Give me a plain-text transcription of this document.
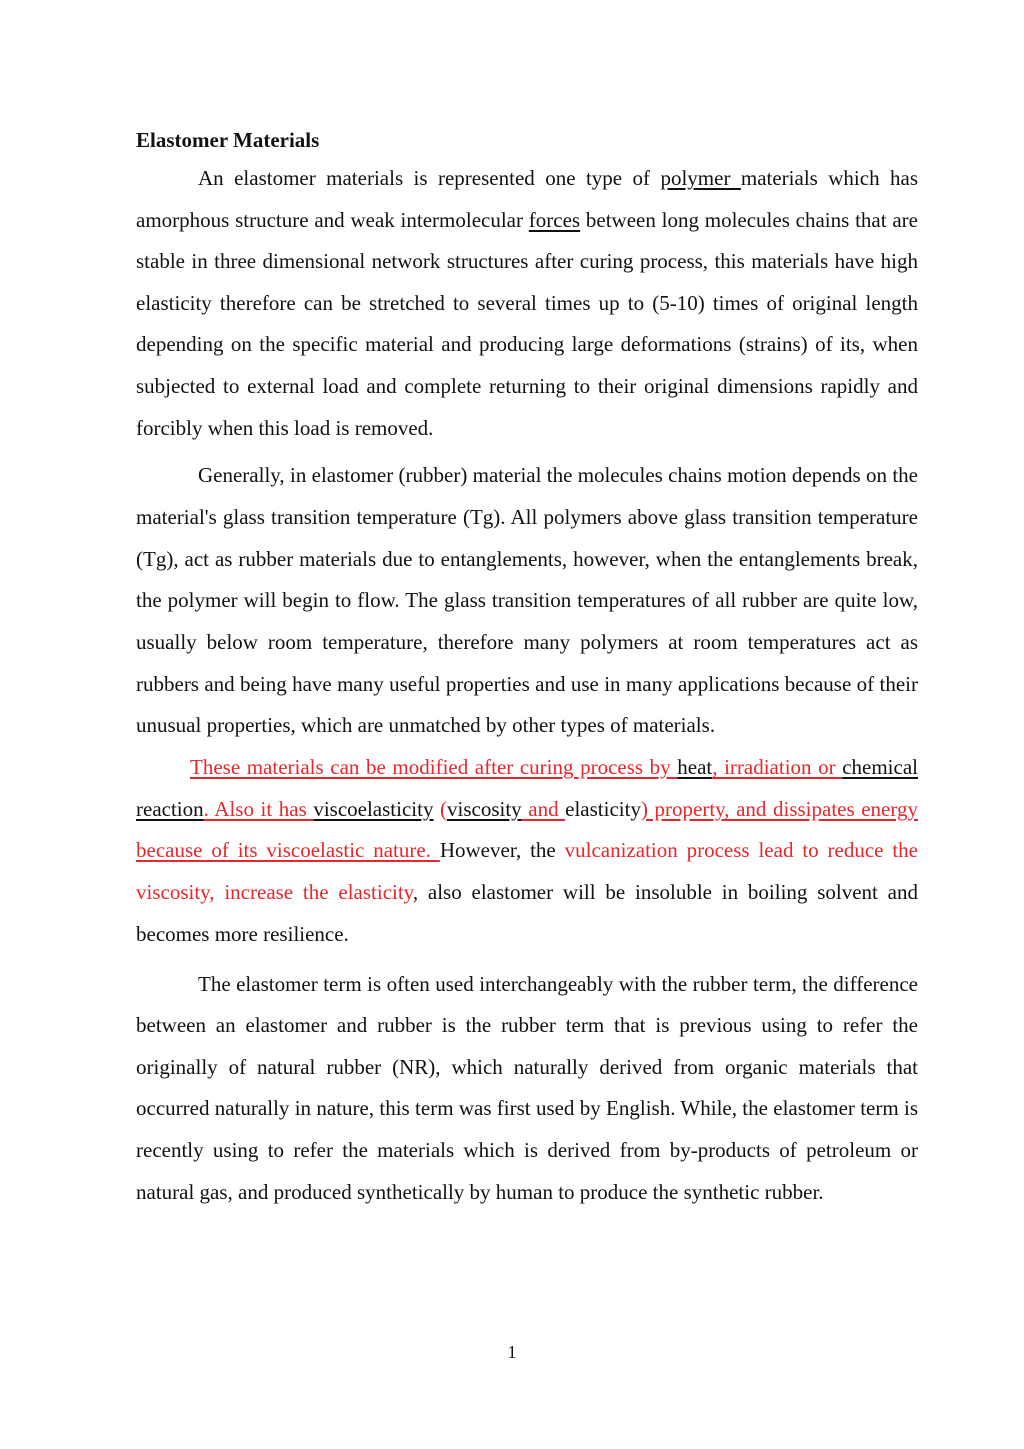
Elastomer Materials

An elastomer materials is represented one type of polymer materials which has amorphous structure and weak intermolecular forces between long molecules chains that are stable in three dimensional network structures after curing process, this materials have high elasticity therefore can be stretched to several times up to (5-10) times of original length depending on the specific material and producing large deformations (strains) of its, when subjected to external load and complete returning to their original dimensions rapidly and forcibly when this load is removed.

Generally, in elastomer (rubber) material the molecules chains motion depends on the material's glass transition temperature (Tg). All polymers above glass transition temperature (Tg), act as rubber materials due to entanglements, however, when the entanglements break, the polymer will begin to flow. The glass transition temperatures of all rubber are quite low, usually below room temperature, therefore many polymers at room temperatures act as rubbers and being have many useful properties and use in many applications because of their unusual properties, which are unmatched by other types of materials.

These materials can be modified after curing process by heat, irradiation or chemical reaction. Also it has viscoelasticity (viscosity and elasticity) property, and dissipates energy because of its viscoelastic nature. However, the vulcanization process lead to reduce the viscosity, increase the elasticity, also elastomer will be insoluble in boiling solvent and becomes more resilience.

The elastomer term is often used interchangeably with the rubber term, the difference between an elastomer and rubber is the rubber term that is previous using to refer the originally of natural rubber (NR), which naturally derived from organic materials that occurred naturally in nature, this term was first used by English. While, the elastomer term is recently using to refer the materials which is derived from by-products of petroleum or natural gas, and produced synthetically by human to produce the synthetic rubber.

1
